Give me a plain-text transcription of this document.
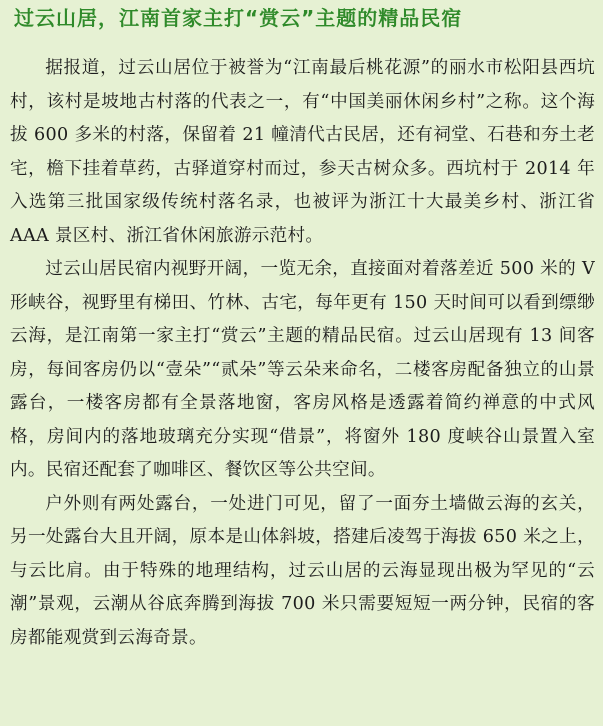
过云山居，江南首家主打“赏云”主题的精品民宿

据报道，过云山居位于被誉为“江南最后桃花源”的丽水市松阳县西坑村，该村是坡地古村落的代表之一，有“中国美丽休闲乡村”之称。这个海拔 600 多米的村落，保留着 21 幢清代古民居，还有祠堂、石巷和夯土老宅，檐下挂着草药，古驿道穿村而过，参天古树众多。西坑村于 2014 年入选第三批国家级传统村落名录，也被评为浙江十大最美乡村、浙江省 AAA 景区村、浙江省休闲旅游示范村。

过云山居民宿内视野开阔，一览无余，直接面对着落差近 500 米的 V 形峡谷，视野里有梯田、竹林、古宅，每年更有 150 天时间可以看到缥缈云海，是江南第一家主打“赏云”主题的精品民宿。过云山居现有 13 间客房，每间客房仍以“壹朵”“贰朵”等云朵来命名，二楼客房配备独立的山景露台，一楼客房都有全景落地窗，客房风格是透露着简约禅意的中式风格，房间内的落地玻璃充分实现“借景”，将窗外 180 度峡谷山景置入室内。民宿还配套了咖啡区、餐饮区等公共空间。

户外则有两处露台，一处进门可见，留了一面夯土墙做云海的玄关，另一处露台大且开阔，原本是山体斜坡，搭建后凌驾于海拔 650 米之上，与云比肩。由于特殊的地理结构，过云山居的云海显现出极为罕见的“云潮”景观，云潮从谷底奔腾到海拔 700 米只需要短短一两分钟，民宿的客房都能观赏到云海奇景。
